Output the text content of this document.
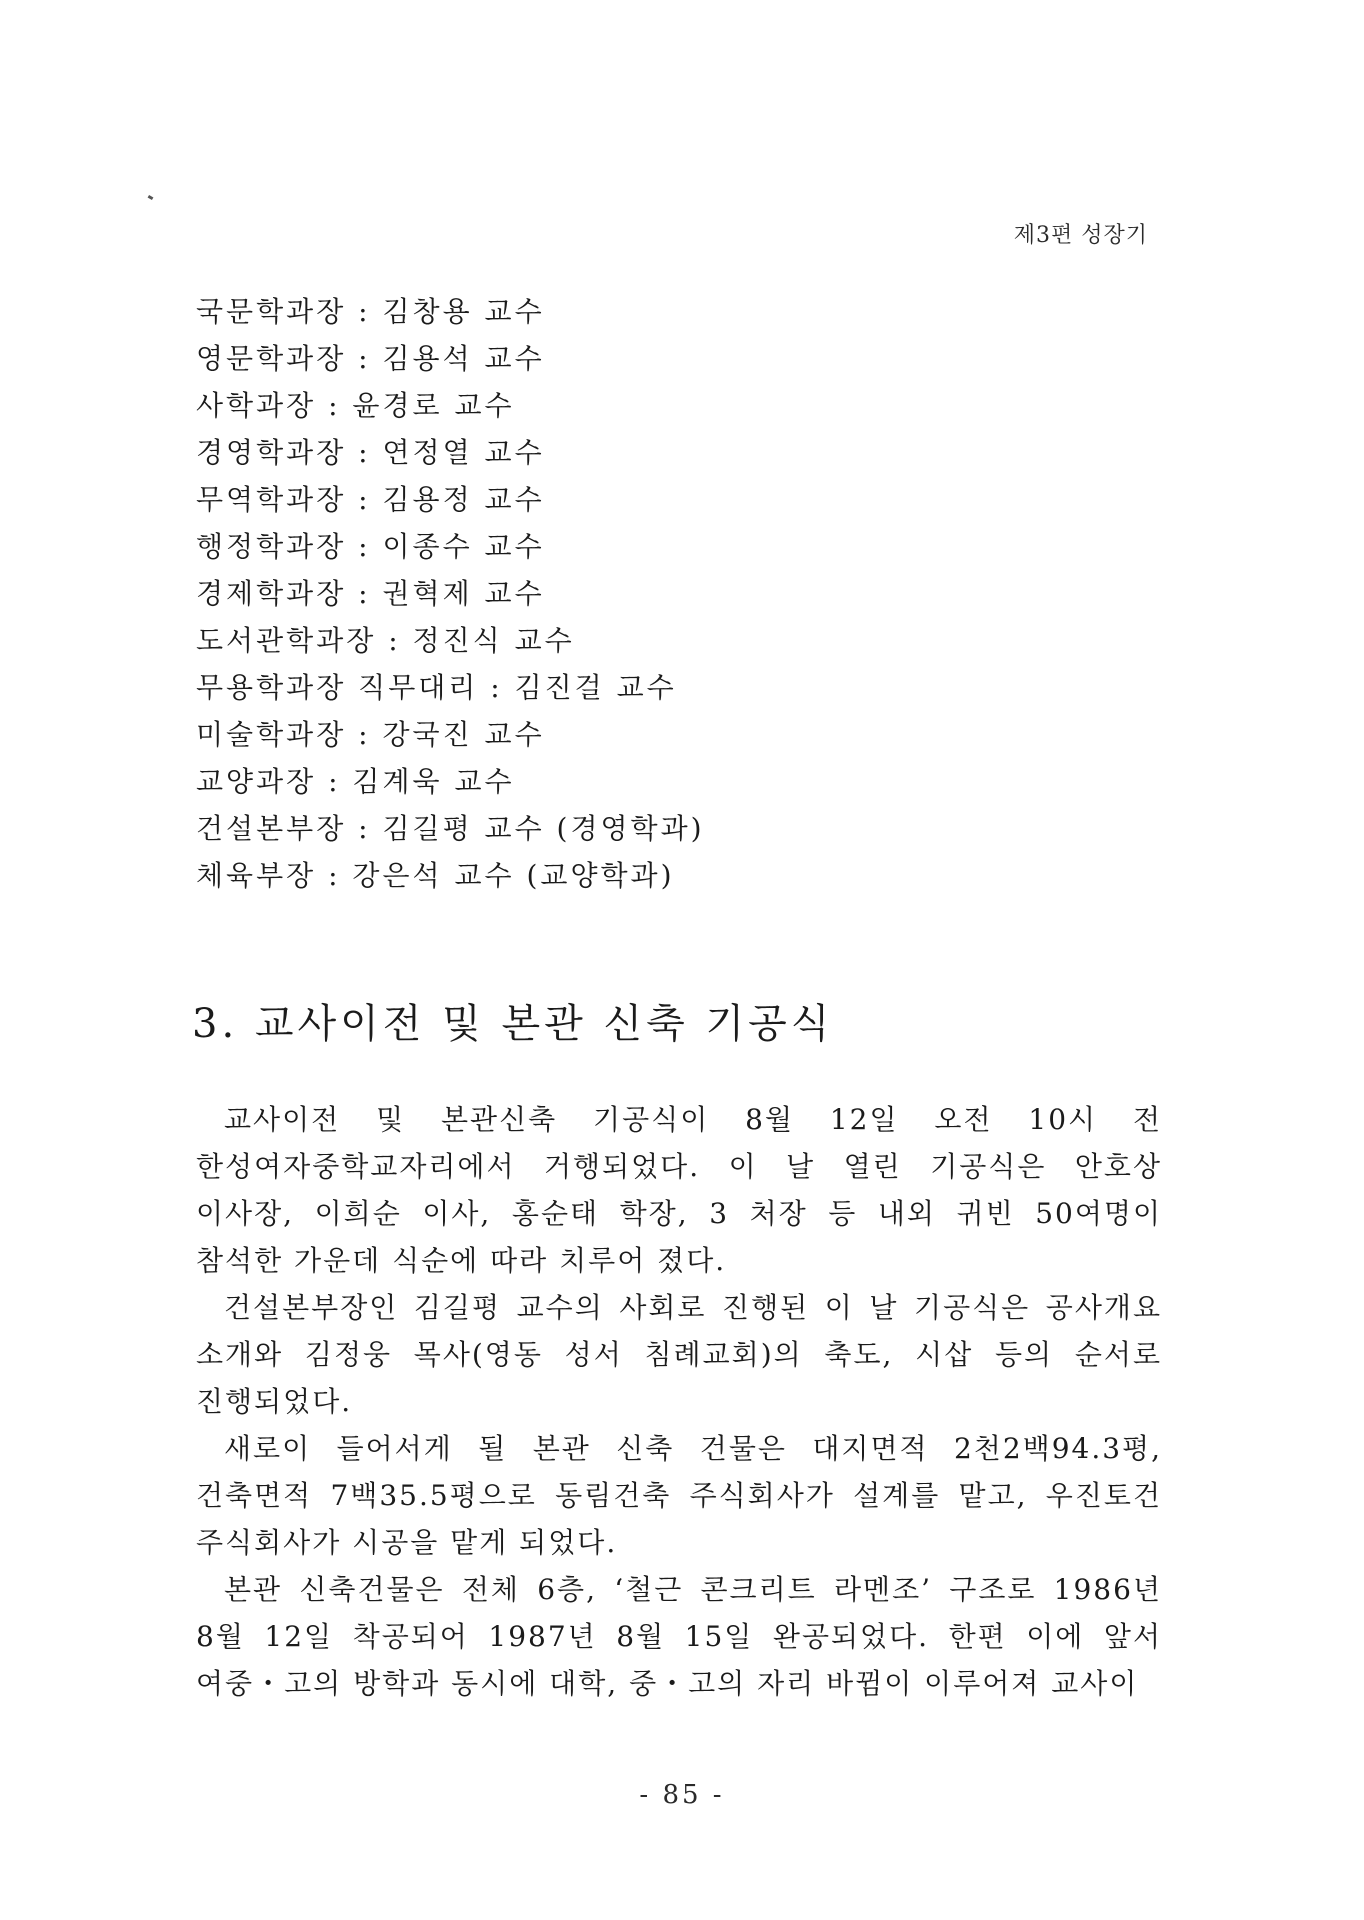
제3편 성장기
국문학과장 : 김창용 교수
영문학과장 : 김용석 교수
사학과장 : 윤경로 교수
경영학과장 : 연정열 교수
무역학과장 : 김용정 교수
행정학과장 : 이종수 교수
경제학과장 : 권혁제 교수
도서관학과장 : 정진식 교수
무용학과장 직무대리 : 김진걸 교수
미술학과장 : 강국진 교수
교양과장 : 김계욱 교수
건설본부장 : 김길평 교수 (경영학과)
체육부장 : 강은석 교수 (교양학과)
3. 교사이전 및 본관 신축 기공식

교사이전 및 본관신축 기공식이 8월 12일 오전 10시 전 한성여자중학교자리에서 거행되었다. 이 날 열린 기공식은 안호상 이사장, 이희순 이사, 홍순태 학장, 3 처장 등 내외 귀빈 50여명이 참석한 가운데 식순에 따라 치루어 졌다.

건설본부장인 김길평 교수의 사회로 진행된 이 날 기공식은 공사개요 소개와 김정웅 목사(영동 성서 침례교회)의 축도, 시삽 등의 순서로 진행되었다.

새로이 들어서게 될 본관 신축 건물은 대지면적 2천2백94.3평, 건축면적 7백35.5평으로 동림건축 주식회사가 설계를 맡고, 우진토건 주식회사가 시공을 맡게 되었다.

본관 신축건물은 전체 6층, ‘철근 콘크리트 라멘조’ 구조로 1986년 8월 12일 착공되어 1987년 8월 15일 완공되었다. 한편 이에 앞서 여중・고의 방학과 동시에 대학, 중・고의 자리 바뀜이 이루어져 교사이

- 85 -
